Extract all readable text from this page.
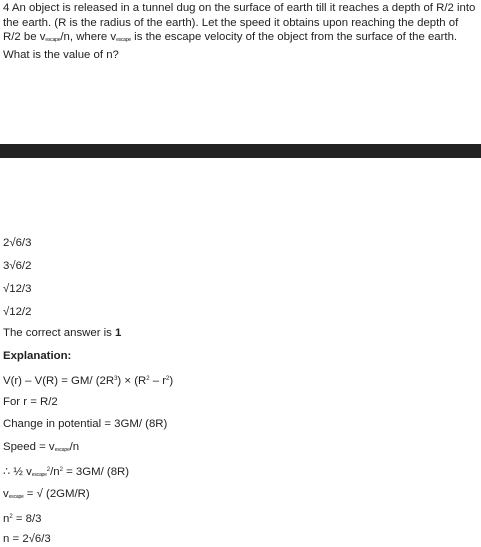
4 An object is released in a tunnel dug on the surface of earth till it reaches a depth of R/2 into the earth. (R is the radius of the earth). Let the speed it obtains upon reaching the depth of R/2 be $v_{escape}/n$, where $v_{escape}$ is the escape velocity of the object from the surface of the earth. What is the value of n?
2√6/3
3√6/2
√12/3
√12/2
The correct answer is 1
Explanation:
V(r) – V(R) = GM/ $(2R^3) \times (R^2 - r^2)$
For r = R/2
Change in potential = 3GM/ (8R)
Speed = $v_{escape}/n$
∴ ½ $v_{escape}^2/n^2 = 3GM/$ (8R)
$v_{escape}$ = √ (2GM/R)
$n^2 = 8/3$
n = 2√6/3
